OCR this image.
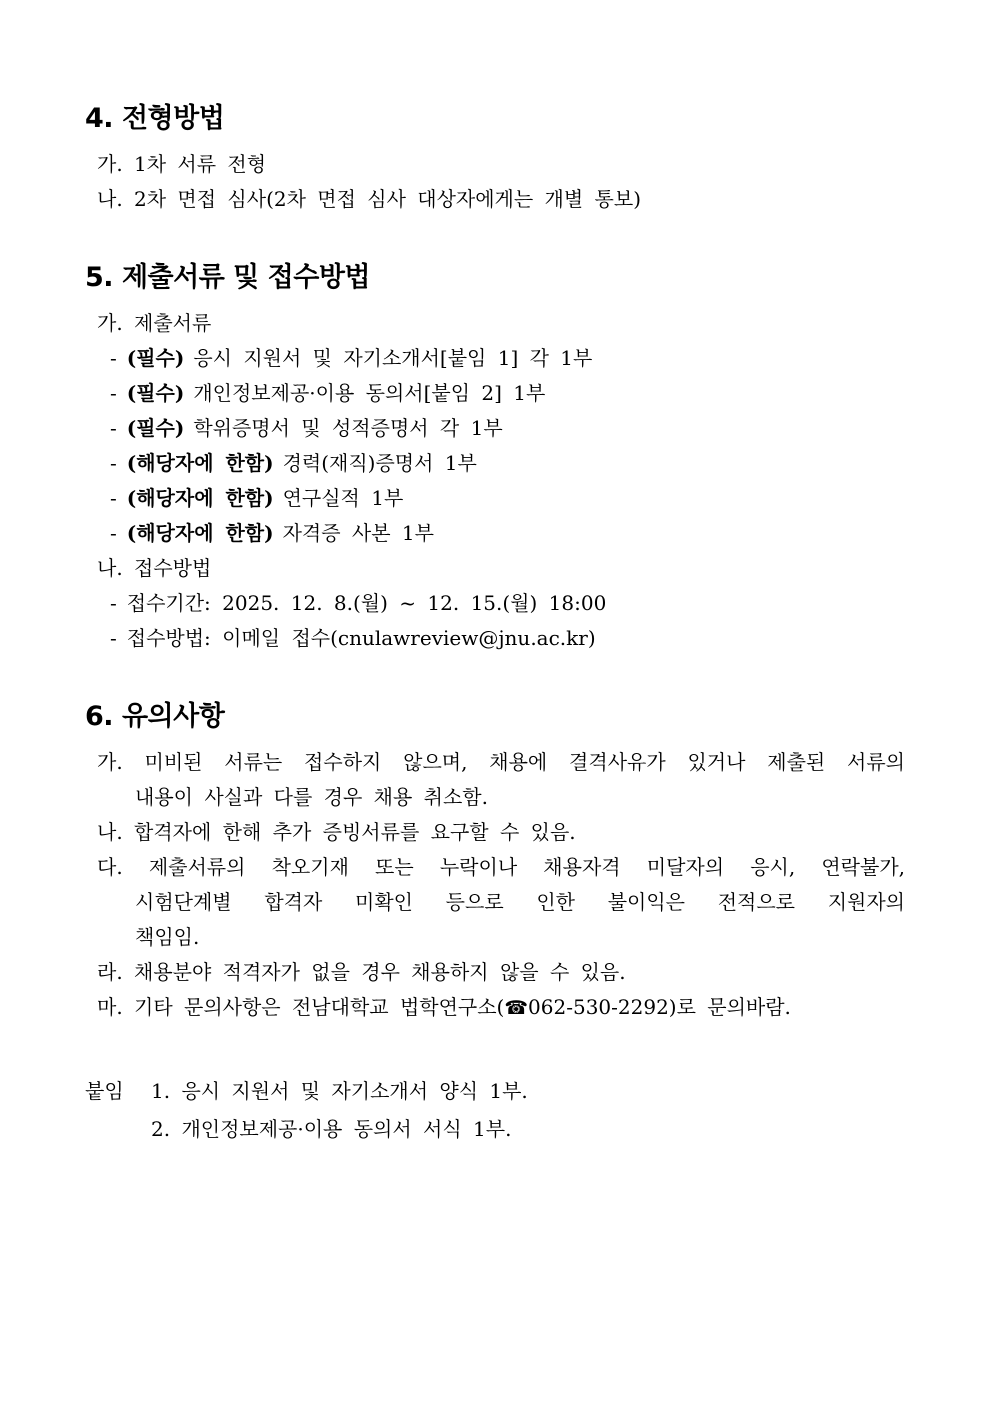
4. 전형방법

가. 1차 서류 전형

나. 2차 면접 심사(2차 면접 심사 대상자에게는 개별 통보)

5. 제출서류 및 접수방법

가. 제출서류

- (필수) 응시 지원서 및 자기소개서[붙임 1] 각 1부

- (필수) 개인정보제공·이용 동의서[붙임 2] 1부

- (필수) 학위증명서 및 성적증명서 각 1부

- (해당자에 한함) 경력(재직)증명서 1부

- (해당자에 한함) 연구실적 1부

- (해당자에 한함) 자격증 사본 1부

나. 접수방법

- 접수기간: 2025. 12. 8.(월) ~ 12. 15.(월) 18:00

- 접수방법: 이메일 접수(cnulawreview@jnu.ac.kr)

6. 유의사항

가. 미비된 서류는 접수하지 않으며, 채용에 결격사유가 있거나 제출된 서류의

내용이 사실과 다를 경우 채용 취소함.

나. 합격자에 한해 추가 증빙서류를 요구할 수 있음.

다. 제출서류의 착오기재 또는 누락이나 채용자격 미달자의 응시, 연락불가,

시험단계별 합격자 미확인 등으로 인한 불이익은 전적으로 지원자의

책임임.

라. 채용분야 적격자가 없을 경우 채용하지 않을 수 있음.

마. 기타 문의사항은 전남대학교 법학연구소(☎062-530-2292)로 문의바람.

붙임 1. 응시 지원서 및 자기소개서 양식 1부.

2. 개인정보제공·이용 동의서 서식 1부.
